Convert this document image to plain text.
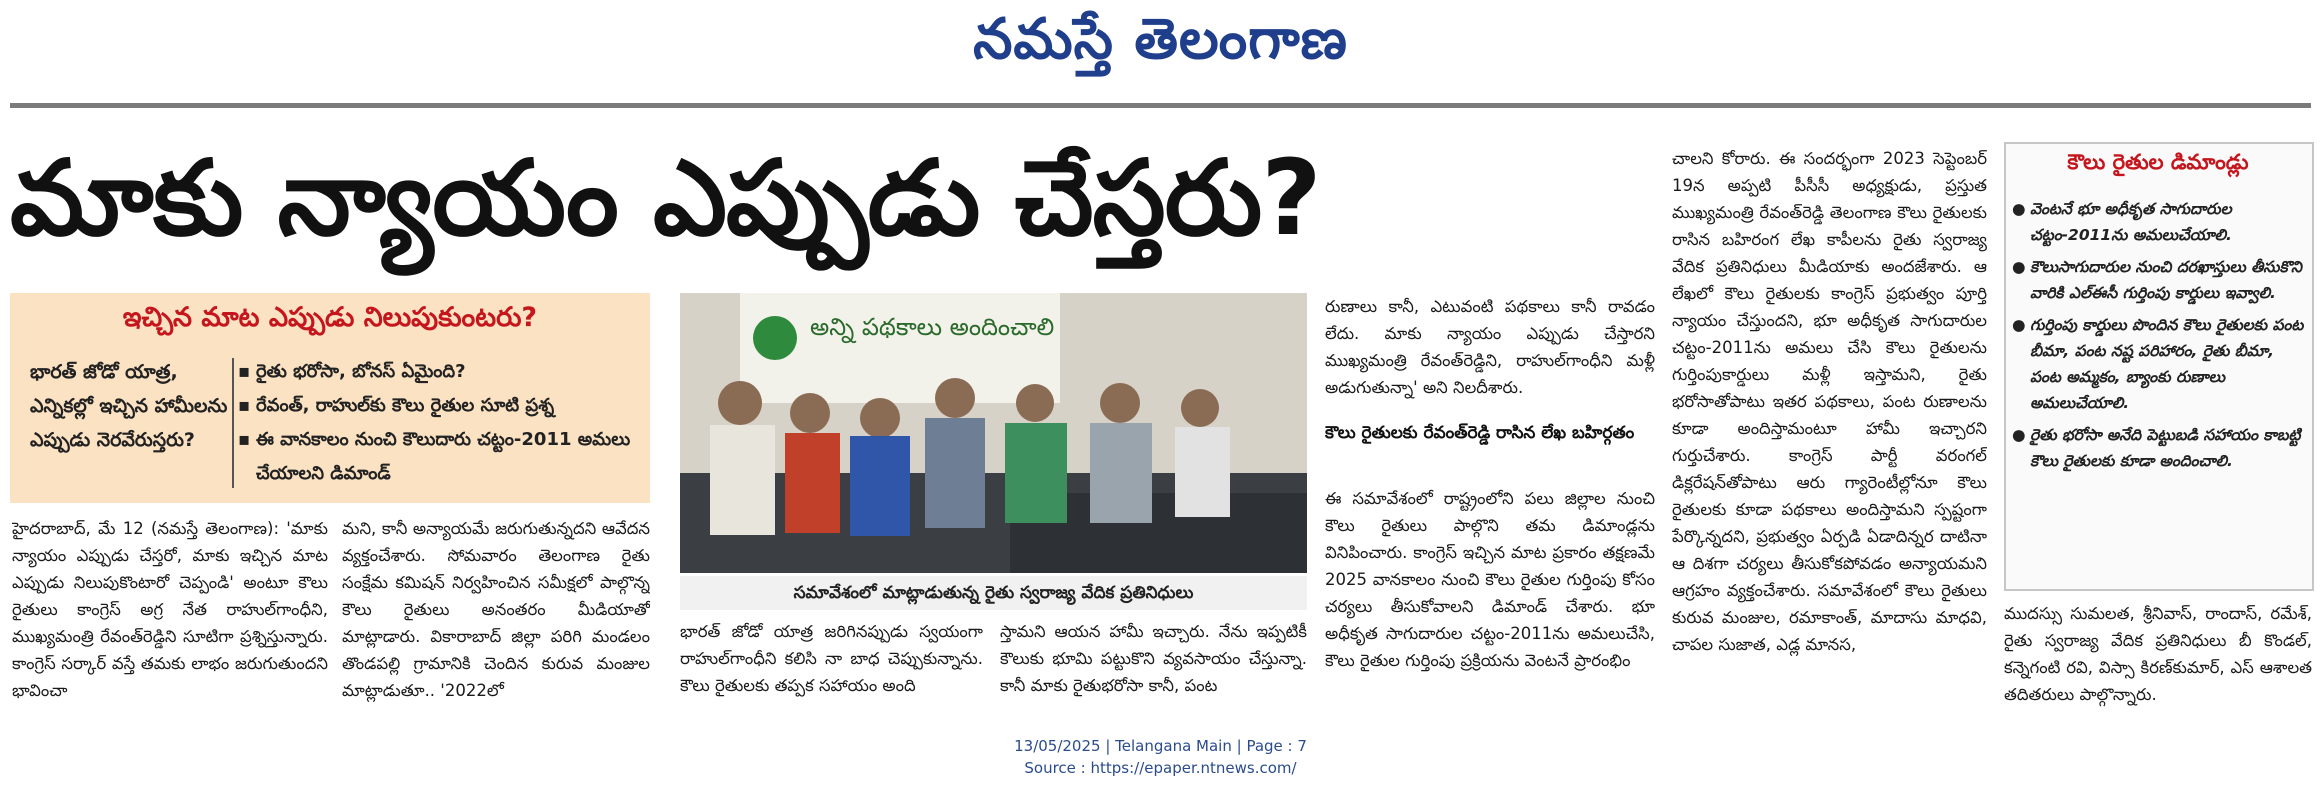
నమస్తే తెలంగాణ
మాకు న్యాయం ఎప్పుడు చేస్తరు?
ఇచ్చిన మాట ఎప్పుడు నిలుపుకుంటరు?
భారత్ జోడో యాత్ర, ఎన్నికల్లో ఇచ్చిన హామీలను ఎప్పుడు నెరవేరుస్తరు?
▪ రైతు భరోసా, బోనస్ ఏమైంది?
▪ రేవంత్, రాహుల్‌కు కౌలు రైతుల సూటి ప్రశ్న
▪ ఈ వానకాలం నుంచి కౌలుదారు చట్టం-2011 అమలు చేయాలని డిమాండ్
హైదరాబాద్, మే 12 (నమస్తే తెలంగాణ): 'మాకు న్యాయం ఎప్పుడు చేస్తరో, మాకు ఇచ్చిన మాట ఎప్పుడు నిలుపుకొంటారో చెప్పండి' అంటూ కౌలు రైతులు కాంగ్రెస్ అగ్ర నేత రాహుల్‌గాంధీని, ముఖ్యమంత్రి రేవంత్‌రెడ్డిని సూటిగా ప్రశ్నిస్తున్నారు. కాంగ్రెస్ సర్కార్ వస్తే తమకు లాభం జరుగుతుందని భావించా
మని, కానీ అన్యాయమే జరుగుతున్నదని ఆవేదన వ్యక్తంచేశారు. సోమవారం తెలంగాణ రైతు సంక్షేమ కమిషన్ నిర్వహించిన సమీక్షలో పాల్గొన్న కౌలు రైతులు అనంతరం మీడియాతో మాట్లాడారు. వికారాబాద్ జిల్లా పరిగి మండలం తొండపల్లి గ్రామానికి చెందిన కురువ మంజుల మాట్లాడుతూ.. '2022లో
అన్ని పథకాలు అందించాలి
సమావేశంలో మాట్లాడుతున్న రైతు స్వరాజ్య వేదిక ప్రతినిధులు
భారత్ జోడో యాత్ర జరిగినప్పుడు స్వయంగా రాహుల్‌గాంధీని కలిసి నా బాధ చెప్పుకున్నాను. కౌలు రైతులకు తప్పక సహాయం అంది
స్తామని ఆయన హామీ ఇచ్చారు. నేను ఇప్పటికీ కౌలుకు భూమి పట్టుకొని వ్యవసాయం చేస్తున్నా. కానీ మాకు రైతుభరోసా కానీ, పంట
రుణాలు కానీ, ఎటువంటి పథకాలు కానీ రావడం లేదు. మాకు న్యాయం ఎప్పుడు చేస్తారని ముఖ్యమంత్రి రేవంత్‌రెడ్డిని, రాహుల్‌గాంధీని మళ్లీ అడుగుతున్నా' అని నిలదీశారు.
కౌలు రైతులకు రేవంత్‌రెడ్డి రాసిన లేఖ బహిర్గతం
ఈ సమావేశంలో రాష్ట్రంలోని పలు జిల్లాల నుంచి కౌలు రైతులు పాల్గొని తమ డిమాండ్లను వినిపించారు. కాంగ్రెస్ ఇచ్చిన మాట ప్రకారం తక్షణమే 2025 వానకాలం నుంచి కౌలు రైతుల గుర్తింపు కోసం చర్యలు తీసుకోవాలని డిమాండ్ చేశారు. భూ అధీకృత సాగుదారుల చట్టం-2011ను అమలుచేసి, కౌలు రైతుల గుర్తింపు ప్రక్రియను వెంటనే ప్రారంభిం
చాలని కోరారు. ఈ సందర్భంగా 2023 సెప్టెంబర్ 19న అప్పటి పీసీసీ అధ్యక్షుడు, ప్రస్తుత ముఖ్యమంత్రి రేవంత్‌రెడ్డి తెలంగాణ కౌలు రైతులకు రాసిన బహిరంగ లేఖ కాపీలను రైతు స్వరాజ్య వేదిక ప్రతినిధులు మీడియాకు అందజేశారు. ఆ లేఖలో కౌలు రైతులకు కాంగ్రెస్ ప్రభుత్వం పూర్తి న్యాయం చేస్తుందని, భూ అధీకృత సాగుదారుల చట్టం-2011ను అమలు చేసి కౌలు రైతులను గుర్తింపుకార్డులు మళ్లీ ఇస్తామని, రైతు భరోసాతోపాటు ఇతర పథకాలు, పంట రుణాలను కూడా అందిస్తామంటూ హామీ ఇచ్చారని గుర్తుచేశారు. కాంగ్రెస్ పార్టీ వరంగల్ డిక్లరేషన్‌తోపాటు ఆరు గ్యారెంటీల్లోనూ కౌలు రైతులకు కూడా పథకాలు అందిస్తామని స్పష్టంగా పేర్కొన్నదని, ప్రభుత్వం ఏర్పడి ఏడాదిన్నర దాటినా ఆ దిశగా చర్యలు తీసుకోకపోవడం అన్యాయమని ఆగ్రహం వ్యక్తంచేశారు. సమావేశంలో కౌలు రైతులు కురువ మంజుల, రమాకాంత్, మాదాసు మాధవి, చాపల సుజాత, ఎడ్ల మానస,
కౌలు రైతుల డిమాండ్లు
● వెంటనే భూ అధీకృత సాగుదారుల చట్టం-2011ను అమలుచేయాలి.
● కౌలుసాగుదారుల నుంచి దరఖాస్తులు తీసుకొని వారికి ఎల్‌ఈసీ గుర్తింపు కార్డులు ఇవ్వాలి.
● గుర్తింపు కార్డులు పొందిన కౌలు రైతులకు పంట బీమా, పంట నష్ట పరిహారం, రైతు బీమా, పంట అమ్మకం, బ్యాంకు రుణాలు అమలుచేయాలి.
● రైతు భరోసా అనేది పెట్టుబడి సహాయం కాబట్టి కౌలు రైతులకు కూడా అందించాలి.
ముదస్సు సుమలత, శ్రీనివాస్, రాందాస్, రమేశ్, రైతు స్వరాజ్య వేదిక ప్రతినిధులు బీ కొండల్, కన్నెగంటి రవి, విస్సా కిరణ్‌కుమార్, ఎస్ ఆశాలత తదితరులు పాల్గొన్నారు.
13/05/2025 | Telangana Main | Page : 7
Source : https://epaper.ntnews.com/
